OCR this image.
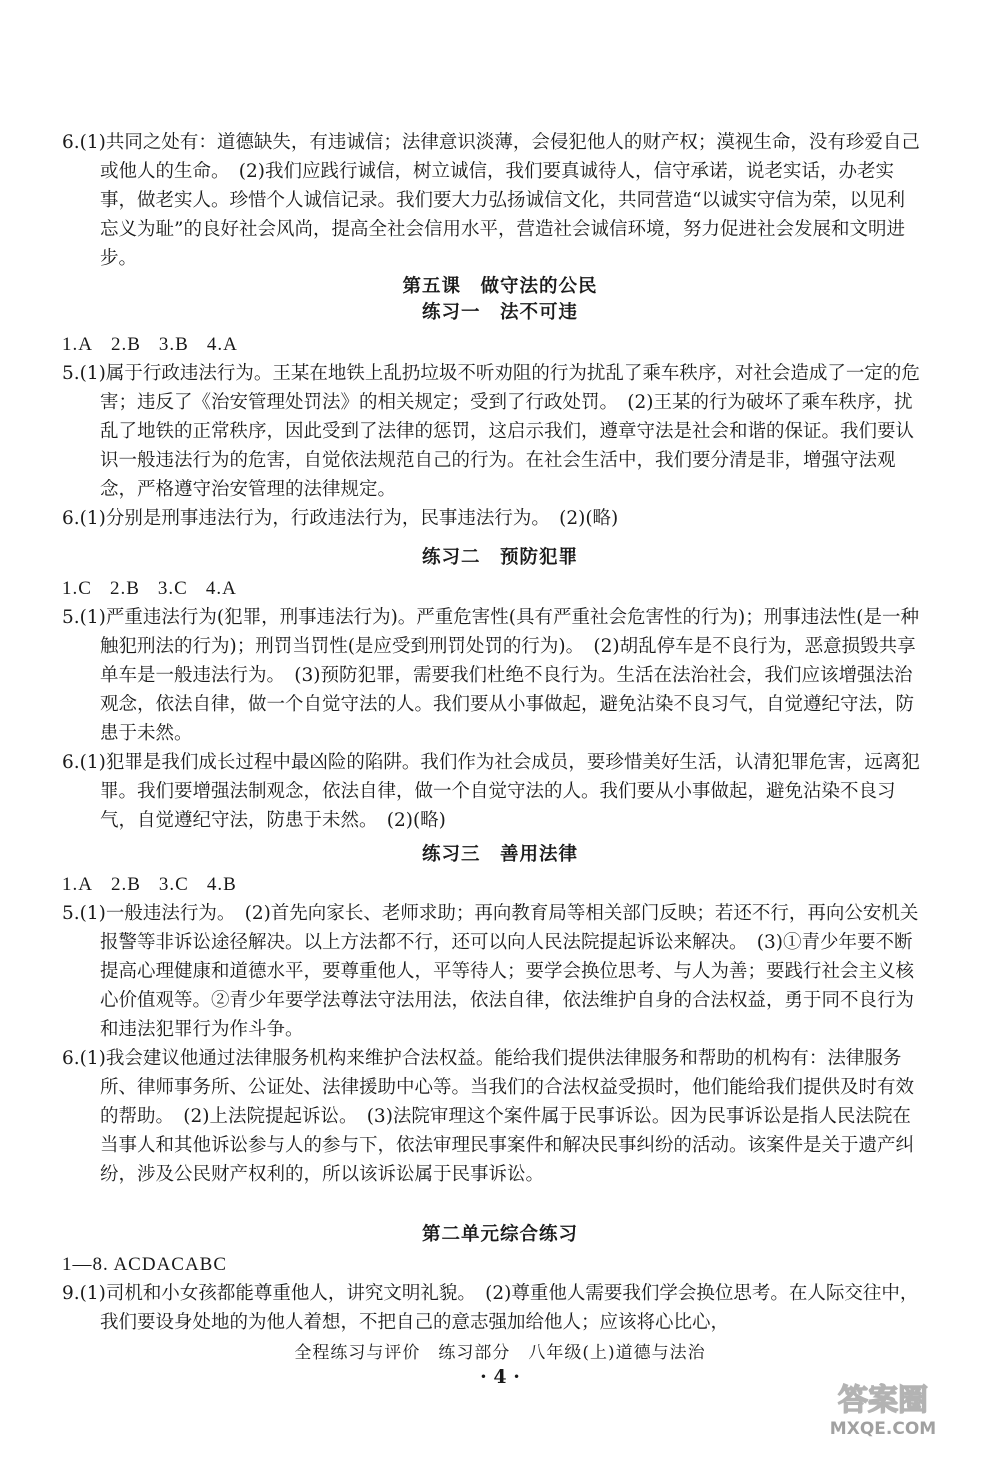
6.(1)共同之处有：道德缺失，有违诚信；法律意识淡薄，会侵犯他人的财产权；漠视生命，没有珍爱自己或他人的生命。　(2)我们应践行诚信，树立诚信，我们要真诚待人，信守承诺，说老实话，办老实事，做老实人。珍惜个人诚信记录。我们要大力弘扬诚信文化，共同营造“以诚实守信为荣，以见利忘义为耻”的良好社会风尚，提高全社会信用水平，营造社会诚信环境，努力促进社会发展和文明进步。

第五课　做守法的公民
练习一　法不可违
1.A 2.B 3.B 4.A

5.(1)属于行政违法行为。王某在地铁上乱扔垃圾不听劝阻的行为扰乱了乘车秩序，对社会造成了一定的危害；违反了《治安管理处罚法》的相关规定；受到了行政处罚。　(2)王某的行为破坏了乘车秩序，扰乱了地铁的正常秩序，因此受到了法律的惩罚，这启示我们，遵章守法是社会和谐的保证。我们要认识一般违法行为的危害，自觉依法规范自己的行为。在社会生活中，我们要分清是非，增强守法观念，严格遵守治安管理的法律规定。

6.(1)分别是刑事违法行为，行政违法行为，民事违法行为。　(2)(略)

练习二　预防犯罪
1.C 2.B 3.C 4.A

5.(1)严重违法行为(犯罪，刑事违法行为)。严重危害性(具有严重社会危害性的行为)；刑事违法性(是一种触犯刑法的行为)；刑罚当罚性(是应受到刑罚处罚的行为)。　(2)胡乱停车是不良行为，恶意损毁共享单车是一般违法行为。　(3)预防犯罪，需要我们杜绝不良行为。生活在法治社会，我们应该增强法治观念，依法自律，做一个自觉守法的人。我们要从小事做起，避免沾染不良习气，自觉遵纪守法，防患于未然。

6.(1)犯罪是我们成长过程中最凶险的陷阱。我们作为社会成员，要珍惜美好生活，认清犯罪危害，远离犯罪。我们要增强法制观念，依法自律，做一个自觉守法的人。我们要从小事做起，避免沾染不良习气，自觉遵纪守法，防患于未然。　(2)(略)

练习三　善用法律
1.A 2.B 3.C 4.B

5.(1)一般违法行为。　(2)首先向家长、老师求助；再向教育局等相关部门反映；若还不行，再向公安机关报警等非诉讼途径解决。以上方法都不行，还可以向人民法院提起诉讼来解决。　(3)①青少年要不断提高心理健康和道德水平，要尊重他人，平等待人；要学会换位思考、与人为善；要践行社会主义核心价值观等。②青少年要学法尊法守法用法，依法自律，依法维护自身的合法权益，勇于同不良行为和违法犯罪行为作斗争。

6.(1)我会建议他通过法律服务机构来维护合法权益。能给我们提供法律服务和帮助的机构有：法律服务所、律师事务所、公证处、法律援助中心等。当我们的合法权益受损时，他们能给我们提供及时有效的帮助。　(2)上法院提起诉讼。　(3)法院审理这个案件属于民事诉讼。因为民事诉讼是指人民法院在当事人和其他诉讼参与人的参与下，依法审理民事案件和解决民事纠纷的活动。该案件是关于遗产纠纷，涉及公民财产权利的，所以该诉讼属于民事诉讼。

第二单元综合练习
1—8. ACDACABC

9.(1)司机和小女孩都能尊重他人，讲究文明礼貌。　(2)尊重他人需要我们学会换位思考。在人际交往中，我们要设身处地的为他人着想，不把自己的意志强加给他人；应该将心比心，

全程练习与评价　练习部分　八年级(上)道德与法治
· 4 ·
答案圈
MXQE.COM
